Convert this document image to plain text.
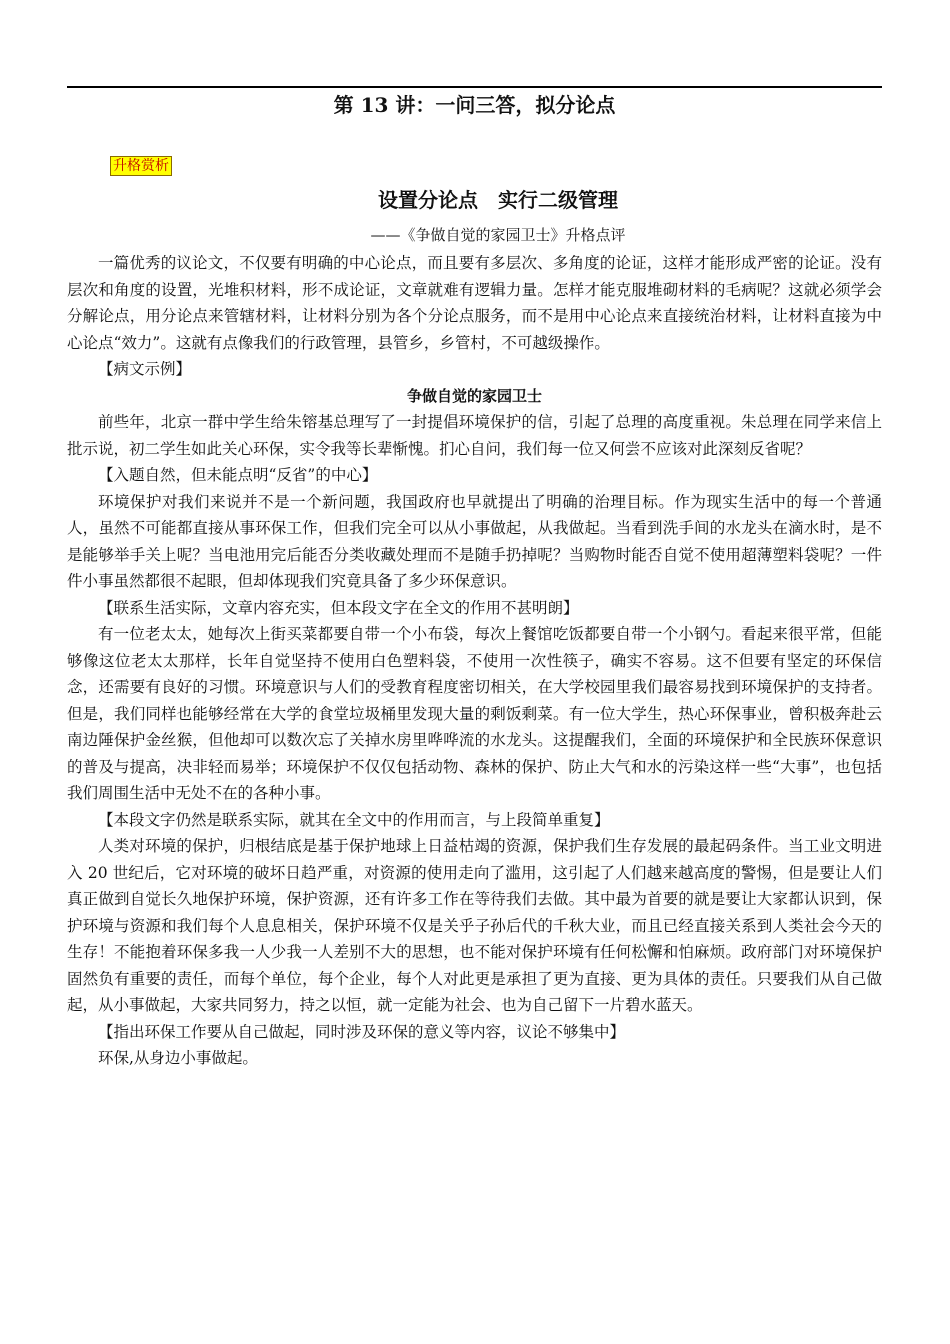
第 13 讲：一问三答，拟分论点
升格赏析
设置分论点　实行二级管理
——《争做自觉的家园卫士》升格点评

一篇优秀的议论文，不仅要有明确的中心论点，而且要有多层次、多角度的论证，这样才能形成严密的论证。没有层次和角度的设置，光堆积材料，形不成论证，文章就难有逻辑力量。怎样才能克服堆砌材料的毛病呢？这就必须学会分解论点，用分论点来管辖材料，让材料分别为各个分论点服务，而不是用中心论点来直接统治材料，让材料直接为中心论点“效力”。这就有点像我们的行政管理，县管乡，乡管村，不可越级操作。

【病文示例】

争做自觉的家园卫士

前些年，北京一群中学生给朱镕基总理写了一封提倡环境保护的信，引起了总理的高度重视。朱总理在同学来信上批示说，初二学生如此关心环保，实令我等长辈惭愧。扪心自问，我们每一位又何尝不应该对此深刻反省呢？

【入题自然，但未能点明“反省”的中心】

环境保护对我们来说并不是一个新问题，我国政府也早就提出了明确的治理目标。作为现实生活中的每一个普通人，虽然不可能都直接从事环保工作，但我们完全可以从小事做起，从我做起。当看到洗手间的水龙头在滴水时，是不是能够举手关上呢？当电池用完后能否分类收藏处理而不是随手扔掉呢？当购物时能否自觉不使用超薄塑料袋呢？一件件小事虽然都很不起眼，但却体现我们究竟具备了多少环保意识。

【联系生活实际，文章内容充实，但本段文字在全文的作用不甚明朗】

有一位老太太，她每次上街买菜都要自带一个小布袋，每次上餐馆吃饭都要自带一个小钢勺。看起来很平常，但能够像这位老太太那样，长年自觉坚持不使用白色塑料袋，不使用一次性筷子，确实不容易。这不但要有坚定的环保信念，还需要有良好的习惯。环境意识与人们的受教育程度密切相关，在大学校园里我们最容易找到环境保护的支持者。但是，我们同样也能够经常在大学的食堂垃圾桶里发现大量的剩饭剩菜。有一位大学生，热心环保事业，曾积极奔赴云南边陲保护金丝猴，但他却可以数次忘了关掉水房里哗哗流的水龙头。这提醒我们，全面的环境保护和全民族环保意识的普及与提高，决非轻而易举；环境保护不仅仅包括动物、森林的保护、防止大气和水的污染这样一些“大事”，也包括我们周围生活中无处不在的各种小事。

【本段文字仍然是联系实际，就其在全文中的作用而言，与上段简单重复】

人类对环境的保护，归根结底是基于保护地球上日益枯竭的资源，保护我们生存发展的最起码条件。当工业文明进入 20 世纪后，它对环境的破坏日趋严重，对资源的使用走向了滥用，这引起了人们越来越高度的警惕，但是要让人们真正做到自觉长久地保护环境，保护资源，还有许多工作在等待我们去做。其中最为首要的就是要让大家都认识到，保护环境与资源和我们每个人息息相关，保护环境不仅是关乎子孙后代的千秋大业，而且已经直接关系到人类社会今天的生存！不能抱着环保多我一人少我一人差别不大的思想，也不能对保护环境有任何松懈和怕麻烦。政府部门对环境保护固然负有重要的责任，而每个单位，每个企业，每个人对此更是承担了更为直接、更为具体的责任。只要我们从自己做起，从小事做起，大家共同努力，持之以恒，就一定能为社会、也为自己留下一片碧水蓝天。

【指出环保工作要从自己做起，同时涉及环保的意义等内容，议论不够集中】

环保,从身边小事做起。
